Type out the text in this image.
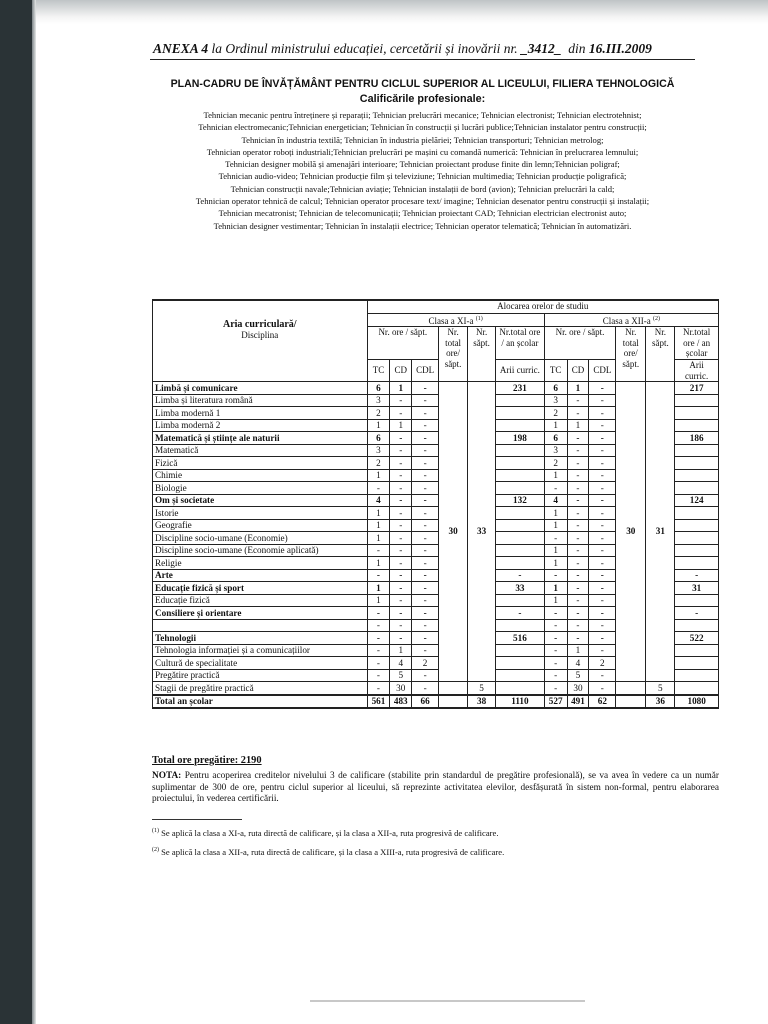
ANEXA 4 la Ordinul ministrului educației, cercetării și inovării nr. _3412_  din 16.III.2009
PLAN-CADRU DE ÎNVĂȚĂMÂNT PENTRU CICLUL SUPERIOR AL LICEULUI, FILIERA TEHNOLOGICĂ
Calificările profesionale:
Tehnician mecanic pentru întreținere și reparații; Tehnician prelucrări mecanice; Tehnician electronist; Tehnician electrotehnist;
Tehnician electromecanic;Tehnician energetician; Tehnician în construcții și lucrări publice;Tehnician instalator pentru construcții;
Tehnician în industria textilă; Tehnician în industria pielăriei; Tehnician transporturi; Tehnician metrolog;
Tehnician operator roboți industriali;Tehnician prelucrări pe mașini cu comandă numerică: Tehnician în prelucrarea lemnului;
Tehnician designer mobilă și amenajări interioare; Tehnician proiectant produse finite din lemn;Tehnician poligraf;
Tehnician audio-video; Tehnician producție film și televiziune; Tehnician multimedia; Tehnician producție poligrafică;
Tehnician construcții navale;Tehnician aviație; Tehnician instalații de bord (avion); Tehnician prelucrări la cald;
Tehnician operator tehnică de calcul; Tehnician operator procesare text/ imagine; Tehnician desenator pentru construcții și instalații;
Tehnician mecatronist; Tehnician de telecomunicații; Tehnician proiectant CAD; Tehnician electrician electronist auto;
Tehnician designer vestimentar; Tehnician în instalații electrice; Tehnician operator telematică; Tehnician în automatizări.
Aria curriculară/
Disciplina	Alocarea orelor de studiu											
	Clasa a XI-a $^{(1)}$						Clasa a XII-a $^{(2)}$
	Nr. ore / săpt.			Nr. total ore/ săpt.	Nr. săpt.	Nr.total ore / an școlar	Nr. ore / săpt.			Nr. total ore/ săpt.	Nr. săpt.	Nr.total ore / an școlar
	TC	CD	CDL			Arii curric.	TC	CD	CDL			Arii curric.
Limbă și comunicare	6	1	-	30	33	231	6	1	-	30	31	217
Limba și literatura română	3	-	-				3	-	-			
Limba modernă 1	2	-	-				2	-	-			
Limba modernă 2	1	1	-				1	1	-			
Matematică și științe ale naturii	6	-	-			198	6	-	-			186
Matematică	3	-	-				3	-	-			
Fizică	2	-	-				2	-	-			
Chimie	1	-	-				1	-	-			
Biologie	-	-	-				-	-	-			
Om și societate	4	-	-			132	4	-	-			124
Istorie	1	-	-				1	-	-			
Geografie	1	-	-				1	-	-			
Discipline socio-umane (Economie)	1	-	-				-	-	-			
Discipline socio-umane (Economie aplicată)	-	-	-				1	-	-			
Religie	1	-	-				1	-	-			
Arte	-	-	-			-	-	-	-			-
Educație fizică și sport	1	-	-			33	1	-	-			31
Educație fizică	1	-	-				1	-	-			
Consiliere și orientare	-	-	-			-	-	-	-			-
	-	-	-				-	-	-			
Tehnologii	-	-	-			516	-	-	-			522
Tehnologia informației și a comunicațiilor	-	1	-				-	1	-			
Cultură de specialitate	-	4	2				-	4	2			
Pregătire practică	-	5	-				-	5	-			
Stagii de pregătire practică	-	30	-		5		-	30	-		5	
Total an școlar	561	483	66		38	1110	527	491	62		36	1080
Total ore pregătire: 2190
NOTA: Pentru acoperirea creditelor nivelului 3 de calificare (stabilite prin standardul de pregătire profesională), se va avea în vedere ca un număr suplimentar de 300 de ore, pentru ciclul superior al liceului, să reprezinte activitatea elevilor, desfășurată în sistem non-formal, pentru elaborarea proiectului, în vederea certificării.
$^{(1)}$ Se aplică la clasa a XI-a, ruta directă de calificare, și la clasa a XII-a, ruta progresivă de calificare.
$^{(2)}$ Se aplică la clasa a XII-a, ruta directă de calificare, și la clasa a XIII-a, ruta progresivă de calificare.
